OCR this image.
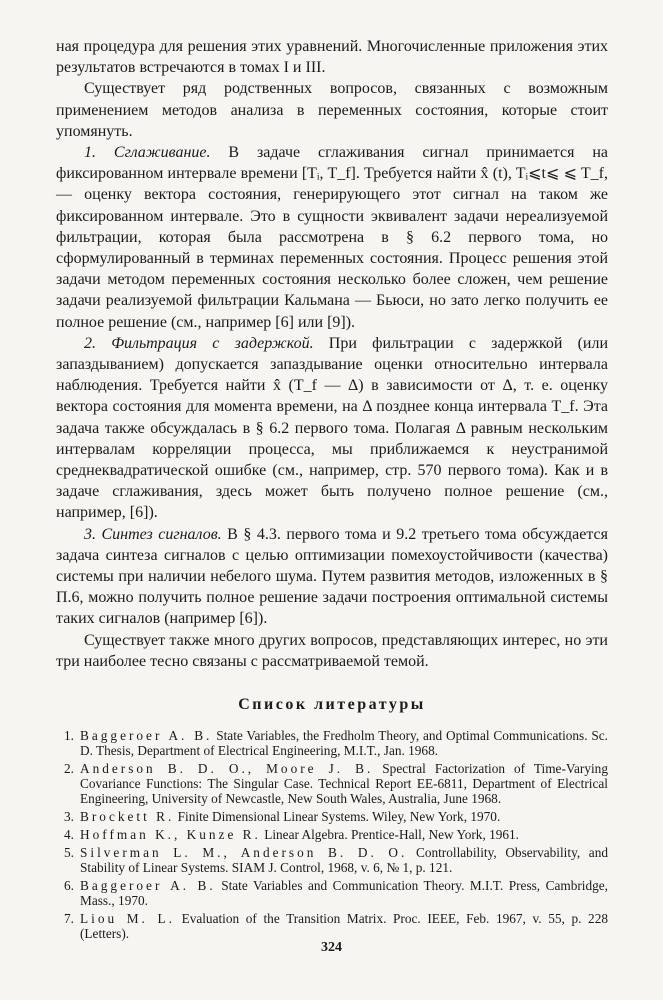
ная процедура для решения этих уравнений. Многочисленные приложения этих результатов встречаются в томах I и III.

Существует ряд родственных вопросов, связанных с возможным применением методов анализа в переменных состояния, которые стоит упомянуть.

1. Сглаживание. В задаче сглаживания сигнал принимается на фиксированном интервале времени [Tᵢ, T_f]. Требуется найти x̂ (t), Tᵢ⩽t⩽ ⩽ T_f, — оценку вектора состояния, генерирующего этот сигнал на таком же фиксированном интервале. Это в сущности эквивалент задачи нереализуемой фильтрации, которая была рассмотрена в § 6.2 первого тома, но сформулированный в терминах переменных состояния. Процесс решения этой задачи методом переменных состояния несколько более сложен, чем решение задачи реализуемой фильтрации Кальмана — Бьюси, но зато легко получить ее полное решение (см., например [6] или [9]).

2. Фильтрация с задержкой. При фильтрации с задержкой (или запаздыванием) допускается запаздывание оценки относительно интервала наблюдения. Требуется найти x̂ (T_f — Δ) в зависимости от Δ, т. е. оценку вектора состояния для момента времени, на Δ позднее конца интервала T_f. Эта задача также обсуждалась в § 6.2 первого тома. Полагая Δ равным нескольким интервалам корреляции процесса, мы приближаемся к неустранимой среднеквадратической ошибке (см., например, стр. 570 первого тома). Как и в задаче сглаживания, здесь может быть получено полное решение (см., например, [6]).

3. Синтез сигналов. В § 4.3. первого тома и 9.2 третьего тома обсуждается задача синтеза сигналов с целью оптимизации помехоустойчивости (качества) системы при наличии небелого шума. Путем развития методов, изложенных в § П.6, можно получить полное решение задачи построения оптимальной системы таких сигналов (например [6]).

Существует также много других вопросов, представляющих интерес, но эти три наиболее тесно связаны с рассматриваемой темой.

Список литературы
1. Baggeroer A. B. State Variables, the Fredholm Theory, and Optimal Communications. Sc. D. Thesis, Department of Electrical Engineering, M.I.T., Jan. 1968.
2. Anderson B. D. O., Moore J. B. Spectral Factorization of Time-Varying Covariance Functions: The Singular Case. Technical Report EE-6811, Department of Electrical Engineering, University of Newcastle, New South Wales, Australia, June 1968.
3. Brockett R. Finite Dimensional Linear Systems. Wiley, New York, 1970.
4. Hoffman K., Kunze R. Linear Algebra. Prentice-Hall, New York, 1961.
5. Silverman L. M., Anderson B. D. O. Controllability, Observability, and Stability of Linear Systems. SIAM J. Control, 1968, v. 6, № 1, p. 121.
6. Baggeroer A. B. State Variables and Communication Theory. M.I.T. Press, Cambridge, Mass., 1970.
7. Liou M. L. Evaluation of the Transition Matrix. Proc. IEEE, Feb. 1967, v. 55, p. 228 (Letters).
324
